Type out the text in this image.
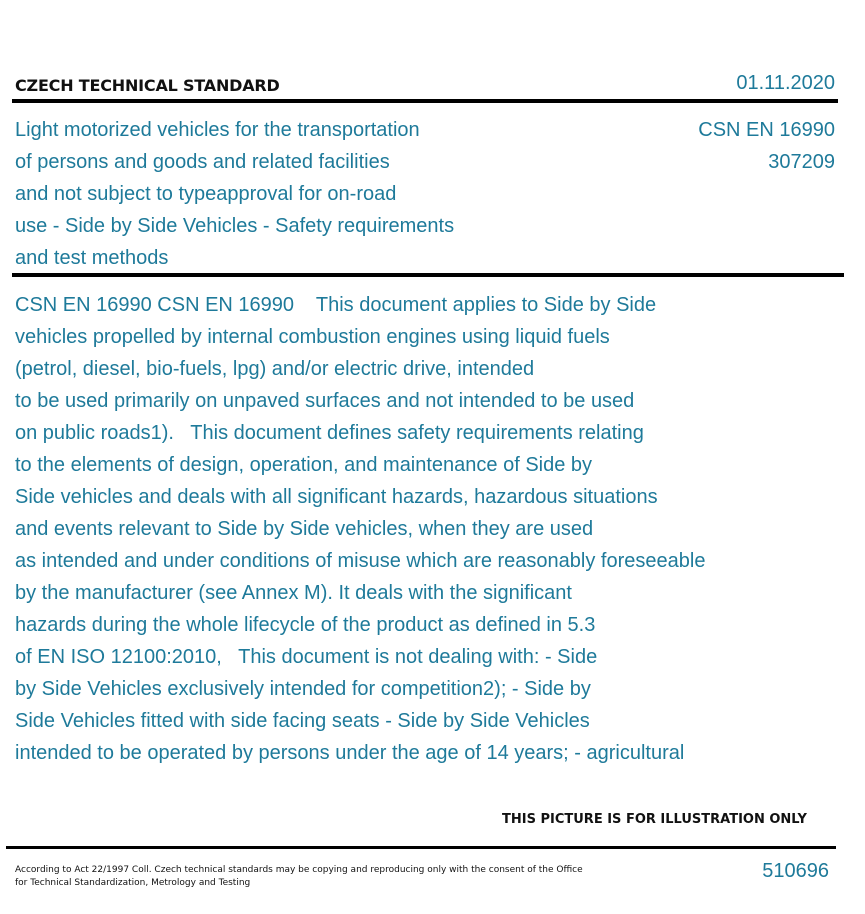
CZECH TECHNICAL STANDARD	01.11.2020
Light motorized vehicles for the transportation
of persons and goods and related facilities
and not subject to typeapproval for on-road
use - Side by Side Vehicles - Safety requirements
and test methods
CSN EN 16990
307209
CSN EN 16990 CSN EN 16990    This document applies to Side by Side
vehicles propelled by internal combustion engines using liquid fuels
(petrol, diesel, bio-fuels, lpg) and/or electric drive, intended
to be used primarily on unpaved surfaces and not intended to be used
on public roads1).   This document defines safety requirements relating
to the elements of design, operation, and maintenance of Side by
Side vehicles and deals with all significant hazards, hazardous situations
and events relevant to Side by Side vehicles, when they are used
as intended and under conditions of misuse which are reasonably foreseeable
by the manufacturer (see Annex M). It deals with the significant
hazards during the whole lifecycle of the product as defined in 5.3
of EN ISO 12100:2010,   This document is not dealing with: - Side
by Side Vehicles exclusively intended for competition2); - Side by
Side Vehicles fitted with side facing seats - Side by Side Vehicles
intended to be operated by persons under the age of 14 years; - agricultural
THIS PICTURE IS FOR ILLUSTRATION ONLY
According to Act 22/1997 Coll. Czech technical standards may be copying and reproducing only with the consent of the Office
for Technical Standardization, Metrology and Testing
510696
